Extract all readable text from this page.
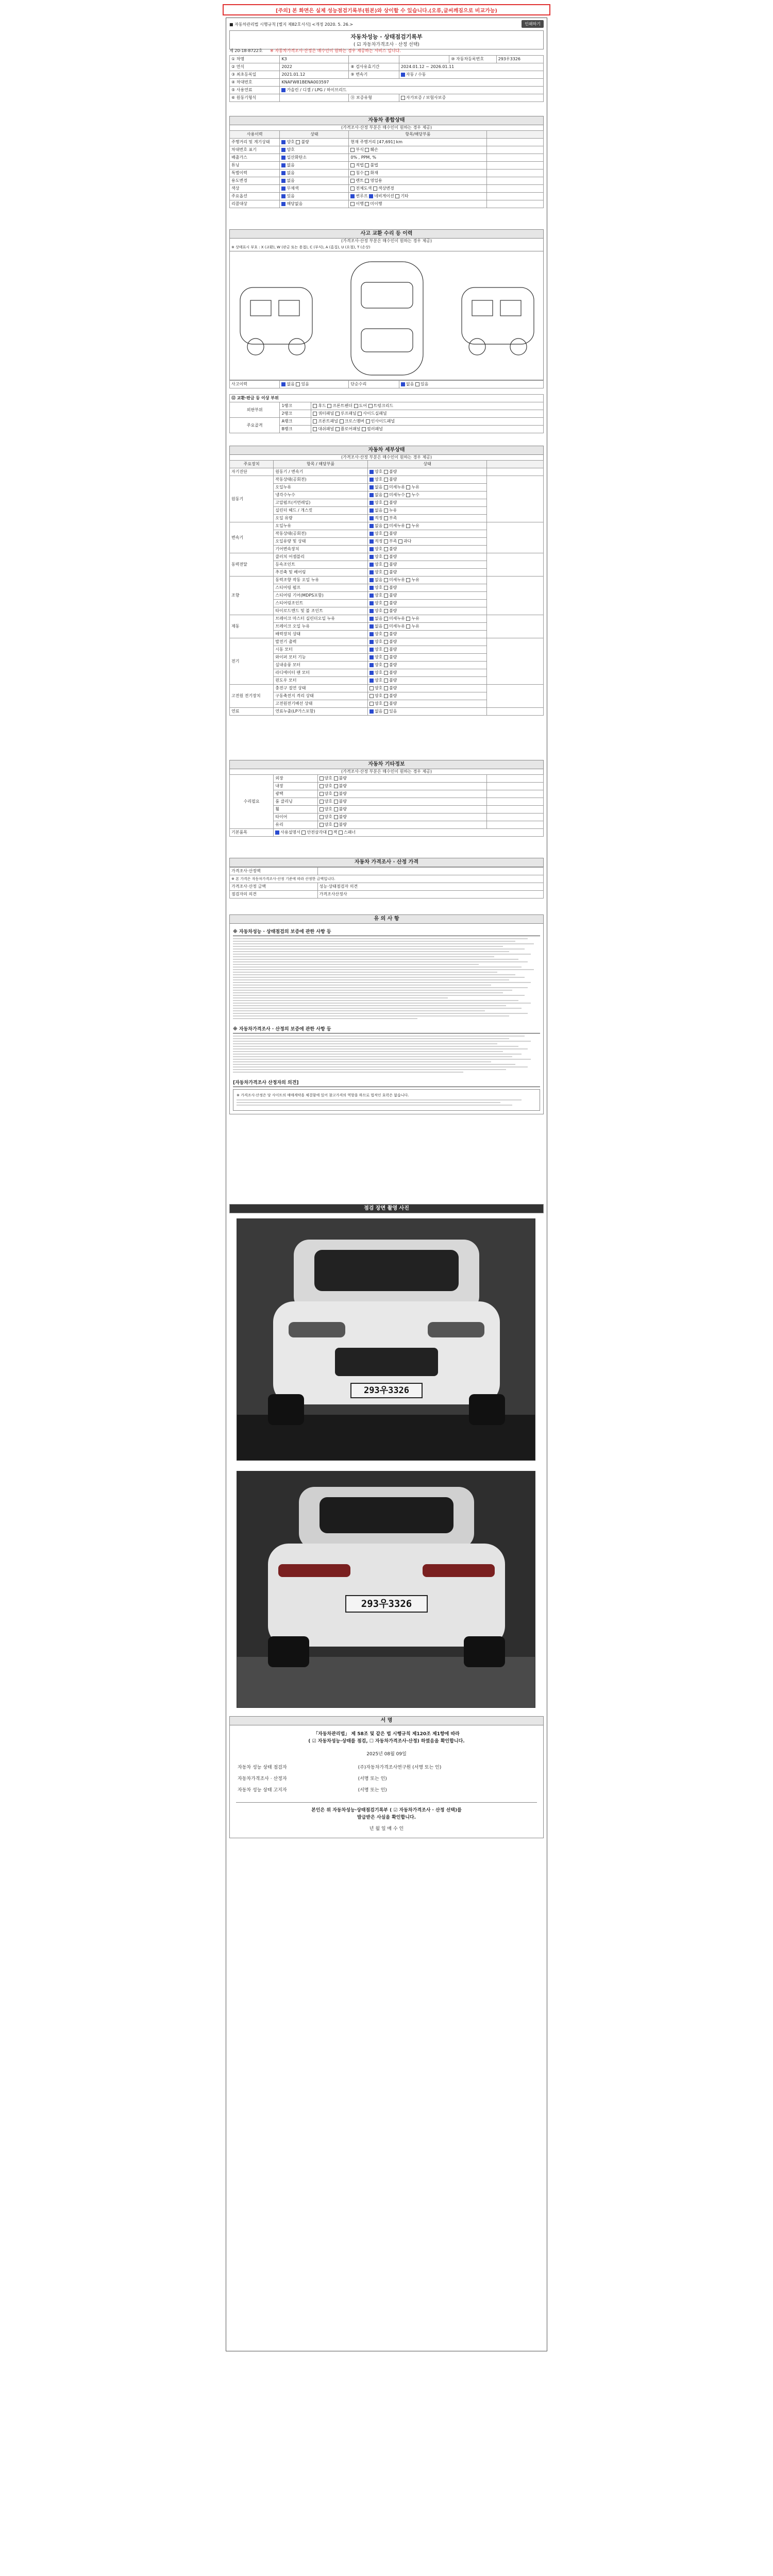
[주의] 본 화면은 실제 성능점검기록부(원본)와 상이할 수 있습니다.(오류,글씨깨짐으로 비교가능)
■ 자동차관리법 시행규칙 [별지 제82호서식] <개정 2020. 5. 26.>	인쇄하기
자동차성능 · 상태점검기록부
( ☑ 자동차가격조사 · 산정 선택)
제 20-18-8722호 ※ 자동차가격조사·산정은 매수인이 원하는 경우 제공하는 서비스 입니다.
① 차명	K3			⑩ 자동차등록번호	293우3326
② 연식	2022	⑧ 검사유효기간	2024.01.12 ~ 2026.01.11		
③ 최초등록일	2021.01.12	⑨ 변속기	자동 / 수동		
④ 차대번호	KNAFW81BENA003597				
⑤ 사용연료	가솔린 / 디젤 / LPG / 하이브리드				
⑥ 원동기형식		⑪ 보증유형	자가보증 / 보험사보증		
자동차 종합상태
(가격조사·산정 부분은 매수인이 원하는 경우 제공)
사용이력	상태	항목/해당부품	
주행거리 및 계기상태	양호 불량	현재 주행거리 [47,691] km	
차대번호 표기	양호	부식 훼손	
배출가스	일산화탄소	0% , PPM, %	
튜닝	없음	적법 불법	
특별이력	없음	침수 화재	
용도변경	없음	렌트 영업용	
색상	무채색	전체도색 색상변경	
주요옵션	있음	썬루프 네비게이션 기타	
리콜대상	해당없음	이행 미이행	
사고 교환 수리 등 이력
(가격조사·산정 부분은 매수인이 원하는 경우 제공)
※ 상태표시 부호 : X (교환), W (판금 또는 용접), C (부식), A (흠집), U (요철), T (손상)
사고이력	없음 있음	단순수리	없음 있음
⑫ 교환·판금 등 이상 부위		
외판부위	1랭크	후드 프론트펜더 도어 트렁크리드
	2랭크	쿼터패널 루프패널 사이드실패널
주요골격	A랭크	프론트패널 크로스멤버 인사이드패널
	B랭크	대쉬패널 플로어패널 필러패널
자동차 세부상태
(가격조사·산정 부분은 매수인이 원하는 경우 제공)
주요장치	항목 / 해당부품	상태	
자기진단	원동기 / 변속기	양호 불량	
원동기	작동상태(공회전)	양호 불량	
	오일누유	없음 미세누유 누유	
	냉각수누수	없음 미세누수 누수	
	고압펌프(커먼레일)	양호 불량	
	실린더 헤드 / 개스킷	없음 누유	
	오일 유량	적정 부족	
변속기	오일누유	없음 미세누유 누유	
	작동상태(공회전)	양호 불량	
	오일유량 및 상태	적정 부족 과다	
	기어변속장치	양호 불량	
동력전달	클러치 어셈블리	양호 불량	
	등속조인트	양호 불량	
	추진축 및 베어링	양호 불량	
조향	동력조향 작동 오일 누유	없음 미세누유 누유	
	스티어링 펌프	양호 불량	
	스티어링 기어(MDPS포함)	양호 불량	
	스티어링조인트	양호 불량	
	타이로드엔드 및 볼 조인트	양호 불량	
제동	브레이크 마스터 실린더오일 누유	없음 미세누유 누유	
	브레이크 오일 누유	없음 미세누유 누유	
	배력장치 상태	양호 불량	
전기	발전기 출력	양호 불량	
	시동 모터	양호 불량	
	와이퍼 모터 기능	양호 불량	
	실내송풍 모터	양호 불량	
	라디에이터 팬 모터	양호 불량	
	윈도우 모터	양호 불량	
고전원 전기장치	충전구 절연 상태	양호 불량	
	구동축전지 격리 상태	양호 불량	
	고전원전기배선 상태	양호 불량	
연료	연료누출(LP가스포함)	없음 있음	
자동차 기타정보
(가격조사·산정 부분은 매수인이 원하는 경우 제공)
수리필요	외장	양호 불량	
	내장	양호 불량	
	광택	양호 불량	
	룸 클리닝	양호 불량	
	휠	양호 불량	
	타이어	양호 불량	
	유리	양호 불량	
기본품목	사용설명서 안전삼각대 잭 스패너		
자동차 가격조사 · 산정 가격
가격조사·산정액	
※ 본 가격은 자동차가격조사·산정 기준에 따라 산정한 금액입니다.	
가격조사·산정 금액	성능·상태점검자 의견
점검자의 의견	가격조사산정사
유 의 사 항
※ 자동차성능 · 상태점검의 보증에 관한 사항 등
※ 자동차가격조사 · 산정의 보증에 관한 사항 등
[자동차가격조사 산정자의 의견]
※ 가격조사·산정은 당 사이트의 매매계약을 체결함에 있어 참고가격의 역할을 하므로 법적인 효력은 없습니다.
점검 장면 촬영 사진
293우3326
293우3326
서 명
「자동차관리법」 제 58조 및 같은 법 시행규칙 제120조 제1항에 따라
( ☑ 자동차성능·상태를 점검, ☐ 자동차가격조사·산정) 하였음을 확인합니다.
2025년 08월 09일
자동차 성능 상태 점검자	(주)자동차가격조사연구원 (서명 또는 인)
자동차가격조사 · 산정자	(서명 또는 인)
자동차 성능 상태 고지자	(서명 또는 인)
본인은 위 자동차성능·상태점검기록부 ( ☑ 자동차가격조사 · 산정 선택)를
발급받은 사실을 확인합니다.
년 월 일 매 수 인
